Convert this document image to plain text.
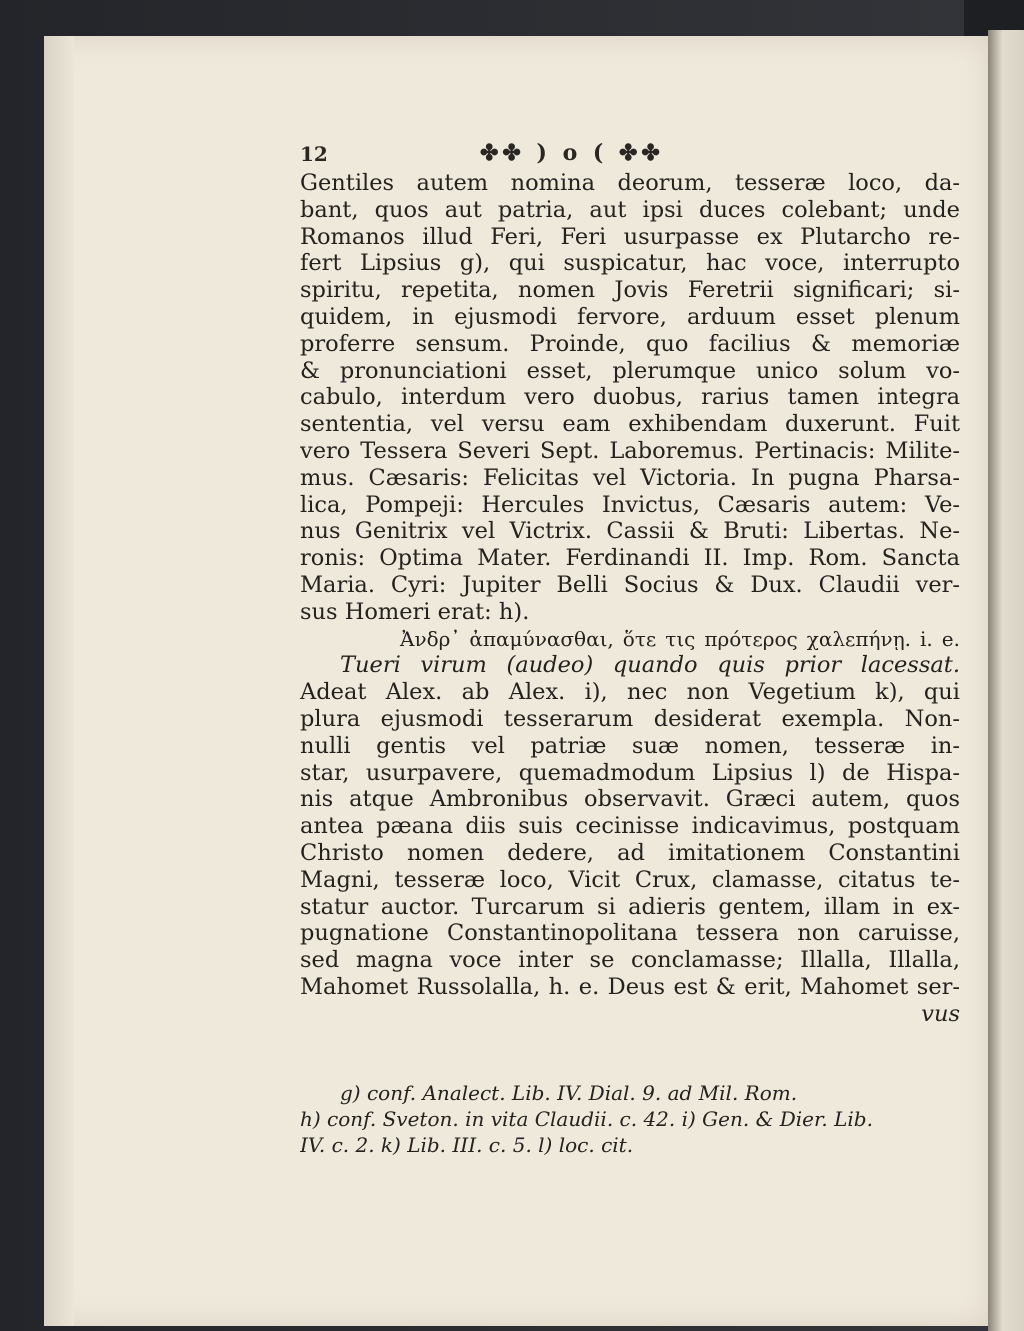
12	✤✤ ) o ( ✤✤
Gentiles autem nomina deorum, tesseræ loco, da-
bant, quos aut patria, aut ipsi duces colebant; unde
Romanos illud Feri, Feri usurpasse ex Plutarcho re-
fert Lipsius g), qui suspicatur, hac voce, interrupto
spiritu, repetita, nomen Jovis Feretrii significari; si-
quidem, in ejusmodi fervore, arduum esset plenum
proferre sensum. Proinde, quo facilius & memoriæ
& pronunciationi esset, plerumque unico solum vo-
cabulo, interdum vero duobus, rarius tamen integra
sententia, vel versu eam exhibendam duxerunt. Fuit
vero Tessera Severi Sept. Laboremus. Pertinacis: Milite-
mus. Cæsaris: Felicitas vel Victoria. In pugna Pharsa-
lica, Pompeji: Hercules Invictus, Cæsaris autem: Ve-
nus Genitrix vel Victrix. Cassii & Bruti: Libertas. Ne-
ronis: Optima Mater. Ferdinandi II. Imp. Rom. Sancta
Maria. Cyri: Jupiter Belli Socius & Dux. Claudii ver-
sus Homeri erat: h).
Ἀνδρ᾽ ἀπαμύνασθαι, ὅτε τις πρότερος χαλεπήνῃ. i. e.
Tueri virum (audeo) quando quis prior lacessat.
Adeat Alex. ab Alex. i), nec non Vegetium k), qui
plura ejusmodi tesserarum desiderat exempla. Non-
nulli gentis vel patriæ suæ nomen, tesseræ in-
star, usurpavere, quemadmodum Lipsius l) de Hispa-
nis atque Ambronibus observavit. Græci autem, quos
antea pæana diis suis cecinisse indicavimus, postquam
Christo nomen dedere, ad imitationem Constantini
Magni, tesseræ loco, Vicit Crux, clamasse, citatus te-
statur auctor. Turcarum si adieris gentem, illam in ex-
pugnatione Constantinopolitana tessera non caruisse,
sed magna voce inter se conclamasse; Illalla, Illalla,
Mahomet Russolalla, h. e. Deus est & erit, Mahomet ser-
vus
g) conf. Analect. Lib. IV. Dial. 9. ad Mil. Rom.
h) conf. Sveton. in vita Claudii. c. 42. i) Gen. & Dier. Lib.
IV. c. 2. k) Lib. III. c. 5. l) loc. cit.
